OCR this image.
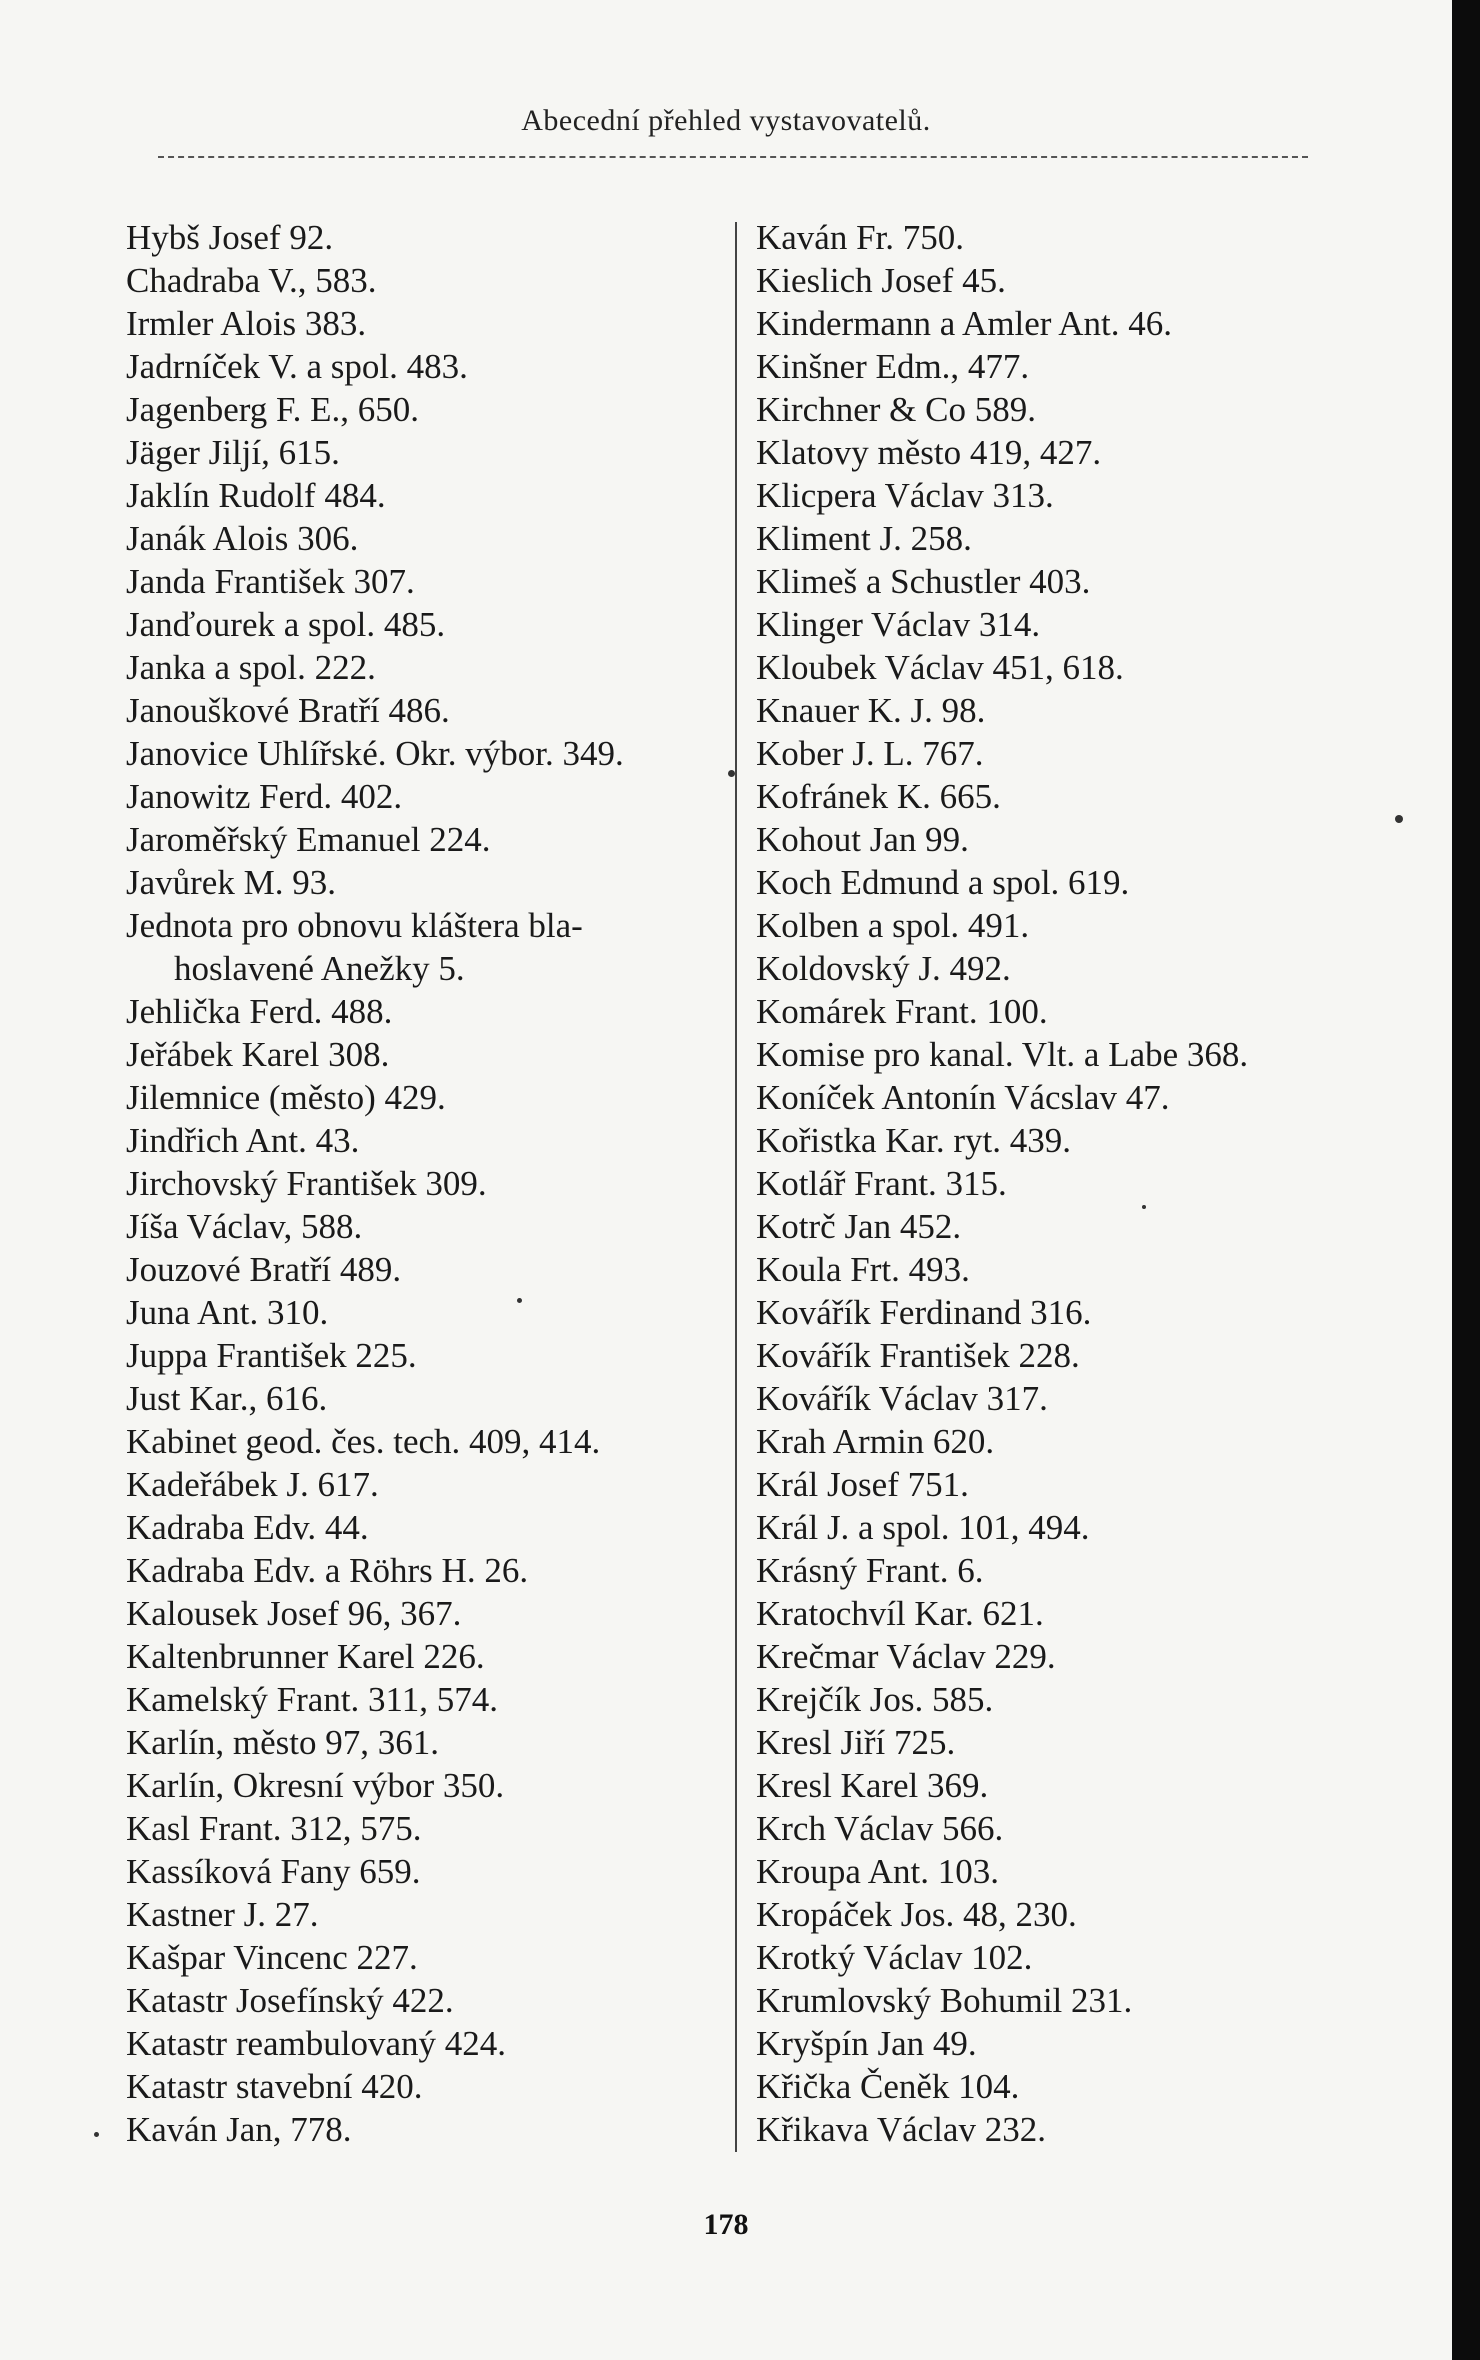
Abecední přehled vystavovatelů.
Hybš Josef 92.
Chadraba V., 583.
Irmler Alois 383.
Jadrníček V. a spol. 483.
Jagenberg F. E., 650.
Jäger Jiljí, 615.
Jaklín Rudolf 484.
Janák Alois 306.
Janda František 307.
Janďourek a spol. 485.
Janka a spol. 222.
Janouškové Bratří 486.
Janovice Uhlířské. Okr. výbor. 349.
Janowitz Ferd. 402.
Jaroměřský Emanuel 224.
Javůrek M. 93.
Jednota pro obnovu kláštera bla-
hoslavené Anežky 5.
Jehlička Ferd. 488.
Jeřábek Karel 308.
Jilemnice (město) 429.
Jindřich Ant. 43.
Jirchovský František 309.
Jíša Václav, 588.
Jouzové Bratří 489.
Juna Ant. 310.
Juppa František 225.
Just Kar., 616.
Kabinet geod. čes. tech. 409, 414.
Kadeřábek J. 617.
Kadraba Edv. 44.
Kadraba Edv. a Röhrs H. 26.
Kalousek Josef 96, 367.
Kaltenbrunner Karel 226.
Kamelský Frant. 311, 574.
Karlín, město 97, 361.
Karlín, Okresní výbor 350.
Kasl Frant. 312, 575.
Kassíková Fany 659.
Kastner J. 27.
Kašpar Vincenc 227.
Katastr Josefínský 422.
Katastr reambulovaný 424.
Katastr stavební 420.
Kaván Jan, 778.
Kaván Fr. 750.
Kieslich Josef 45.
Kindermann a Amler Ant. 46.
Kinšner Edm., 477.
Kirchner & Co 589.
Klatovy město 419, 427.
Klicpera Václav 313.
Kliment J. 258.
Klimeš a Schustler 403.
Klinger Václav 314.
Kloubek Václav 451, 618.
Knauer K. J. 98.
Kober J. L. 767.
Kofránek K. 665.
Kohout Jan 99.
Koch Edmund a spol. 619.
Kolben a spol. 491.
Koldovský J. 492.
Komárek Frant. 100.
Komise pro kanal. Vlt. a Labe 368.
Koníček Antonín Vácslav 47.
Kořistka Kar. ryt. 439.
Kotlář Frant. 315.
Kotrč Jan 452.
Koula Frt. 493.
Kovářík Ferdinand 316.
Kovářík František 228.
Kovářík Václav 317.
Krah Armin 620.
Král Josef 751.
Král J. a spol. 101, 494.
Krásný Frant. 6.
Kratochvíl Kar. 621.
Krečmar Václav 229.
Krejčík Jos. 585.
Kresl Jiří 725.
Kresl Karel 369.
Krch Václav 566.
Kroupa Ant. 103.
Kropáček Jos. 48, 230.
Krotký Václav 102.
Krumlovský Bohumil 231.
Kryšpín Jan 49.
Křička Čeněk 104.
Křikava Václav 232.
178
